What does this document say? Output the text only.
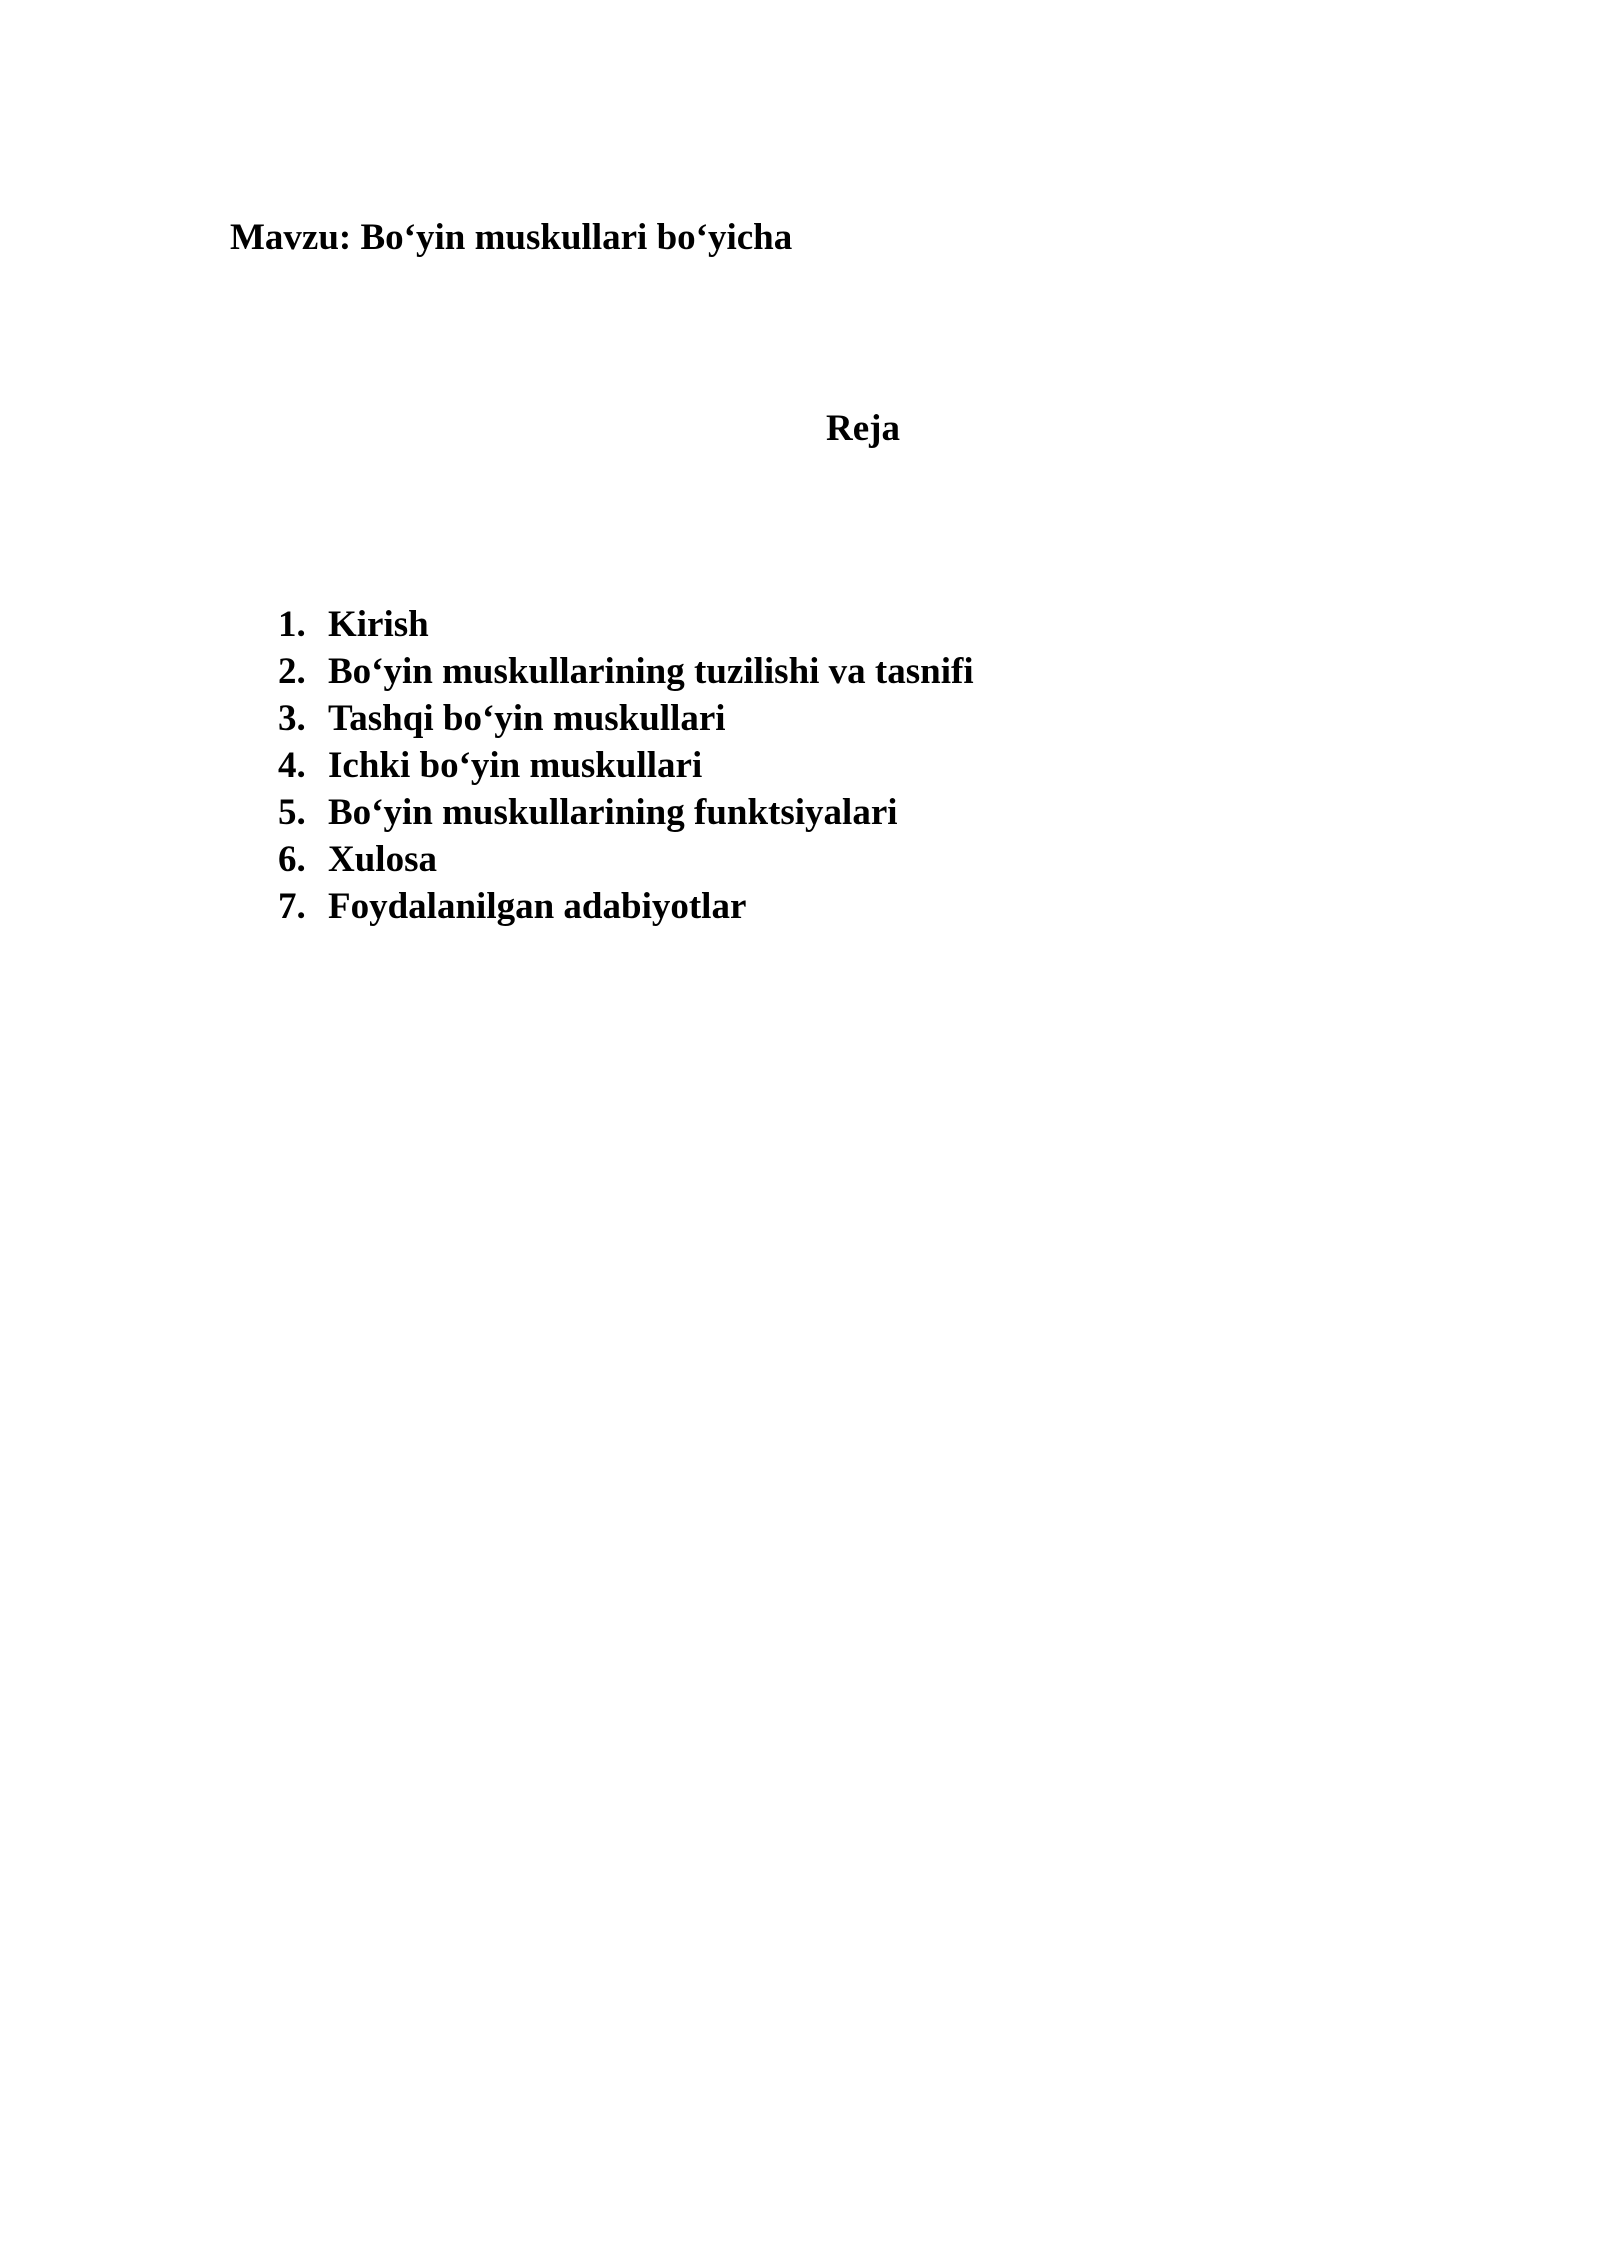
Mavzu: Bo‘yin muskullari bo‘yicha
Reja
1. Kirish
2. Bo‘yin muskullarining tuzilishi va tasnifi
3. Tashqi bo‘yin muskullari
4. Ichki bo‘yin muskullari
5. Bo‘yin muskullarining funktsiyalari
6. Xulosa
7. Foydalanilgan adabiyotlar
